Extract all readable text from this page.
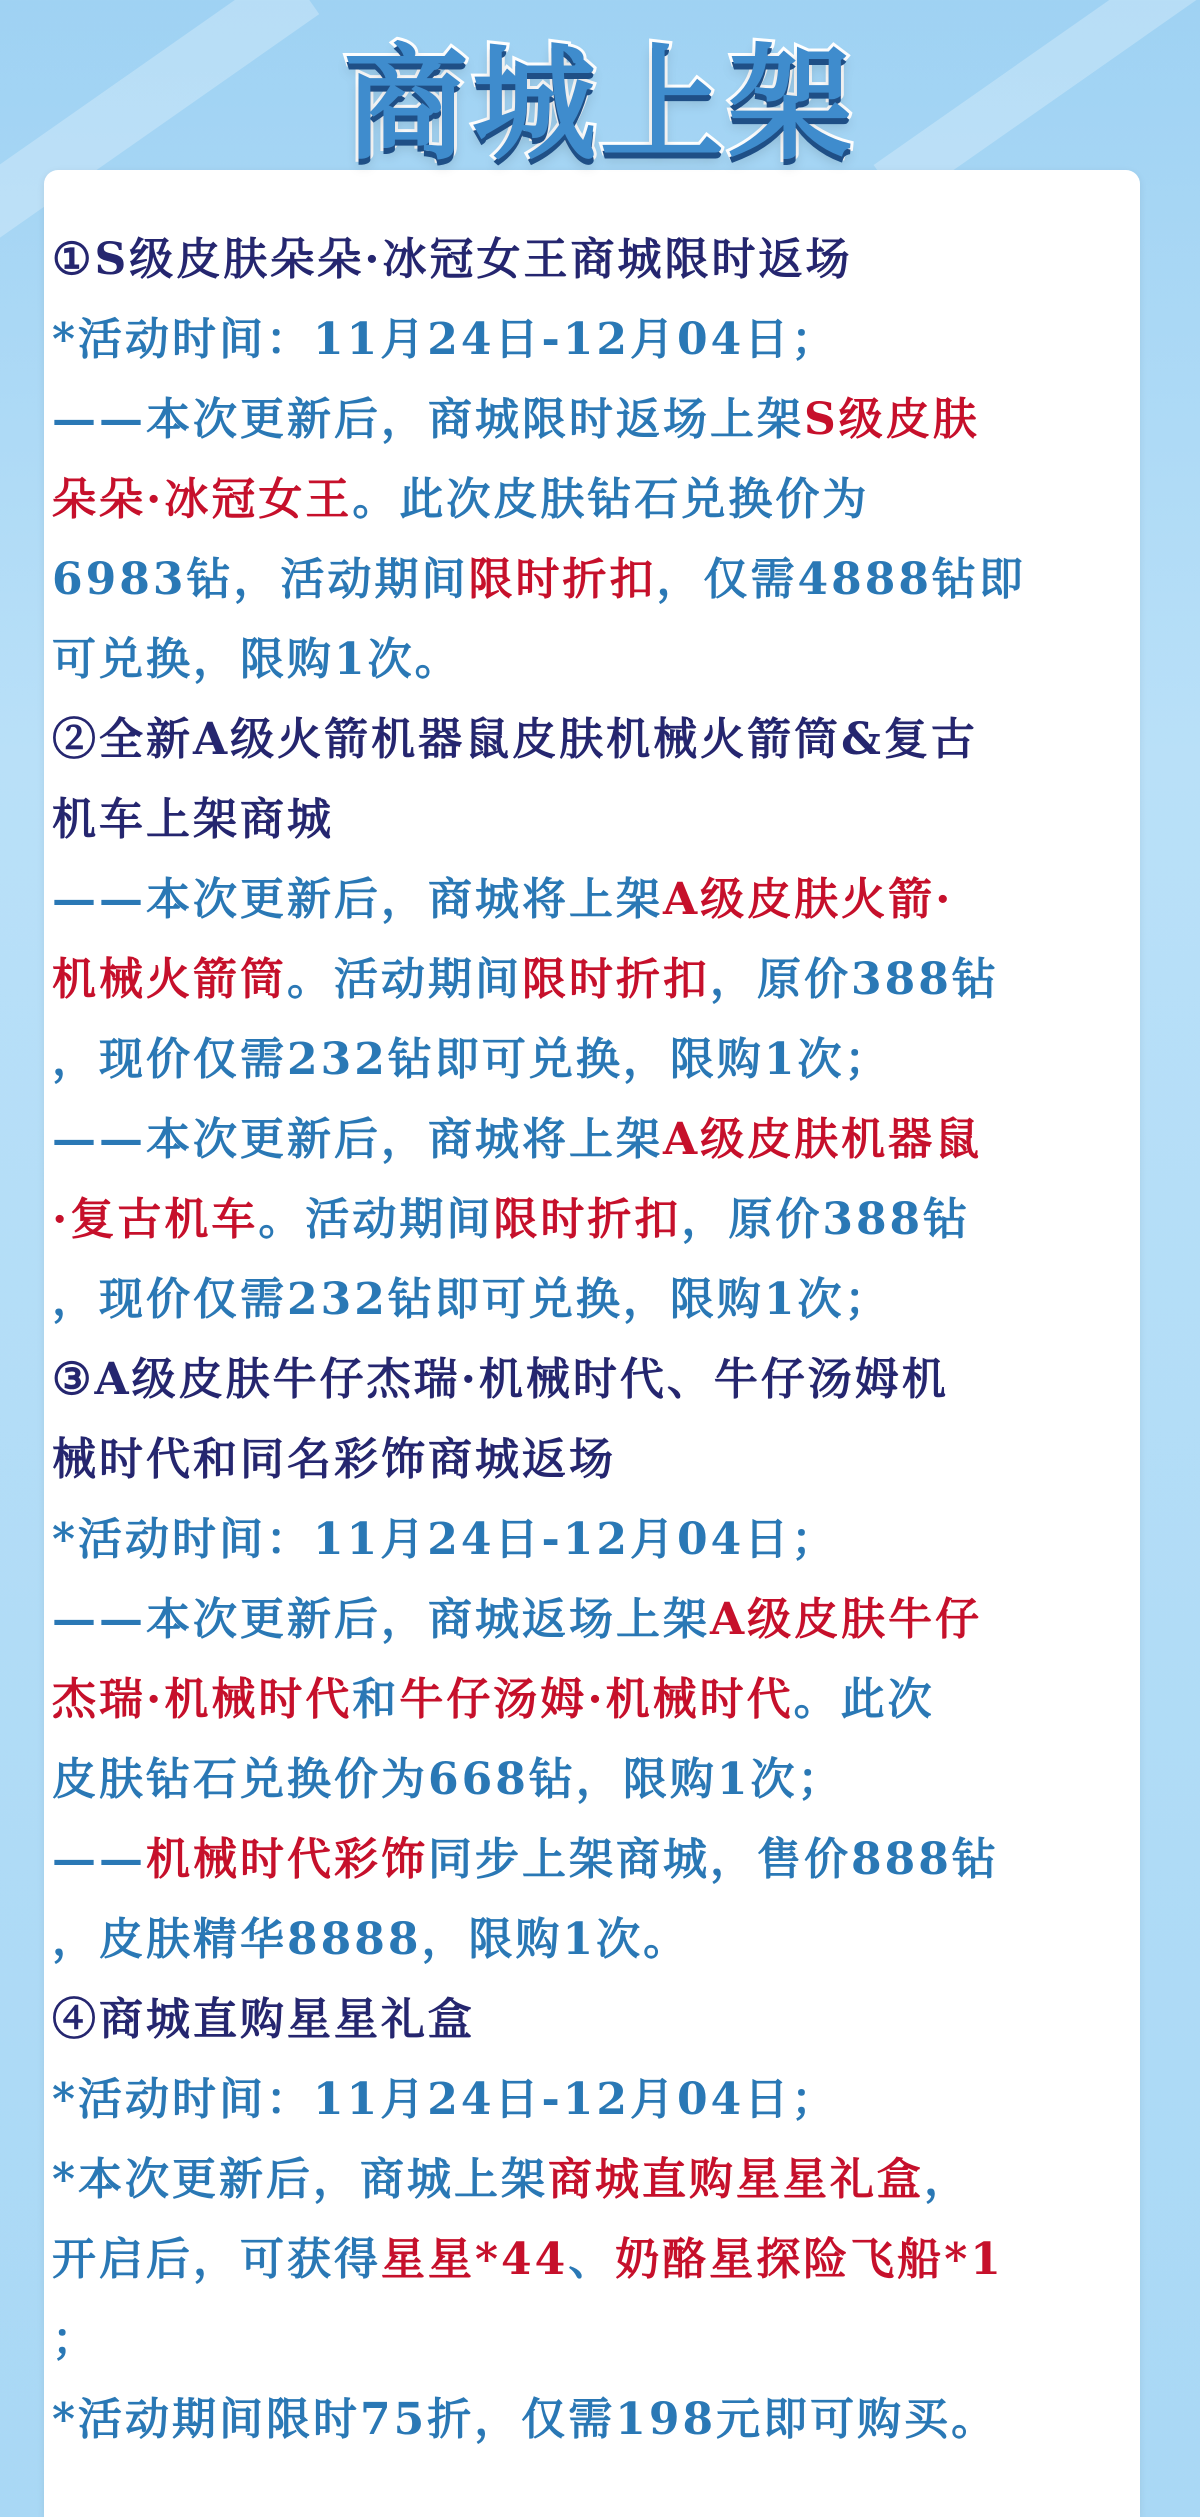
商城上架
①S级皮肤朵朵·冰冠女王商城限时返场
*活动时间：11月24日-12月04日；
——本次更新后，商城限时返场上架S级皮肤
朵朵·冰冠女王。此次皮肤钻石兑换价为
6983钻，活动期间限时折扣，仅需4888钻即
可兑换，限购1次。
②全新A级火箭机器鼠皮肤机械火箭筒&复古
机车上架商城
——本次更新后，商城将上架A级皮肤火箭·
机械火箭筒。活动期间限时折扣，原价388钻
，现价仅需232钻即可兑换，限购1次；
——本次更新后，商城将上架A级皮肤机器鼠
·复古机车。活动期间限时折扣，原价388钻
，现价仅需232钻即可兑换，限购1次；
③A级皮肤牛仔杰瑞·机械时代、牛仔汤姆机
械时代和同名彩饰商城返场
*活动时间：11月24日-12月04日；
——本次更新后，商城返场上架A级皮肤牛仔
杰瑞·机械时代和牛仔汤姆·机械时代。此次
皮肤钻石兑换价为668钻，限购1次；
——机械时代彩饰同步上架商城，售价888钻
，皮肤精华8888，限购1次。
④商城直购星星礼盒
*活动时间：11月24日-12月04日；
*本次更新后，商城上架商城直购星星礼盒，
开启后，可获得星星*44、奶酪星探险飞船*1
；
*活动期间限时75折，仅需198元即可购买。
